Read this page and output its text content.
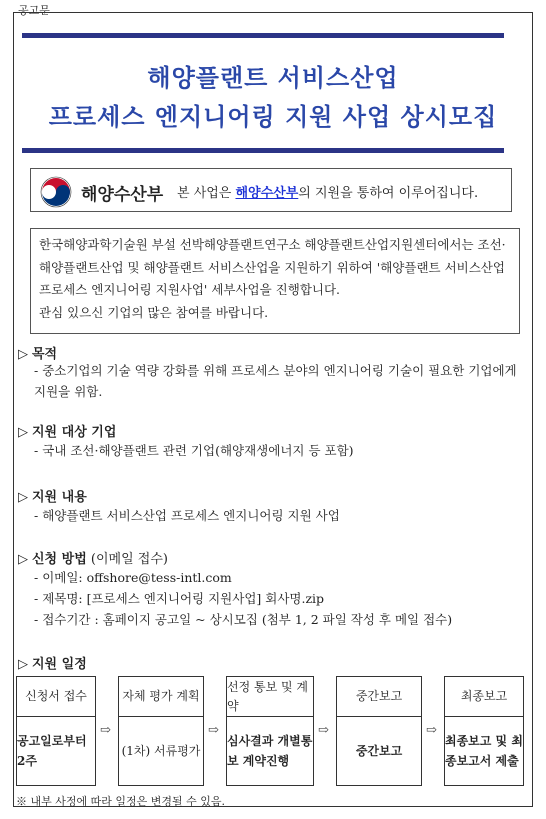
공고문
해양플랜트 서비스산업
프로세스 엔지니어링 지원 사업 상시모집
해양수산부 본 사업은 해양수산부의 지원을 통하여 이루어집니다.

한국해양과학기술원 부설 선박해양플랜트연구소 해양플랜트산업지원센터에서는 조선·해양플랜트산업 및 해양플랜트 서비스산업을 지원하기 위하여 '해양플랜트 서비스산업 프로세스 엔지니어링 지원사업' 세부사업을 진행합니다.

관심 있으신 기업의 많은 참여를 바랍니다.

▷ 목적
- 중소기업의 기술 역량 강화를 위해 프로세스 분야의 엔지니어링 기술이 필요한 기업에게 지원을 위함.
▷ 지원 대상 기업
- 국내 조선·해양플랜트 관련 기업(해양재생에너지 등 포함)
▷ 지원 내용
- 해양플랜트 서비스산업 프로세스 엔지니어링 지원 사업
▷ 신청 방법 (이메일 접수)
- 이메일: offshore@tess-intl.com
- 제목명: [프로세스 엔지니어링 지원사업] 회사명.zip
- 접수기간 : 홈페이지 공고일 ~ 상시모집 (첨부 1, 2 파일 작성 후 메일 접수)
▷ 지원 일정
신청서 접수
공고일로부터 2주
⇨
자체 평가 계획
(1차) 서류평가
⇨
선정 통보 및 계약
심사결과 개별통보 계약진행
⇨
중간보고
중간보고
⇨
최종보고
최종보고 및 최종보고서 제출
※ 내부 사정에 따라 일정은 변경될 수 있음.
